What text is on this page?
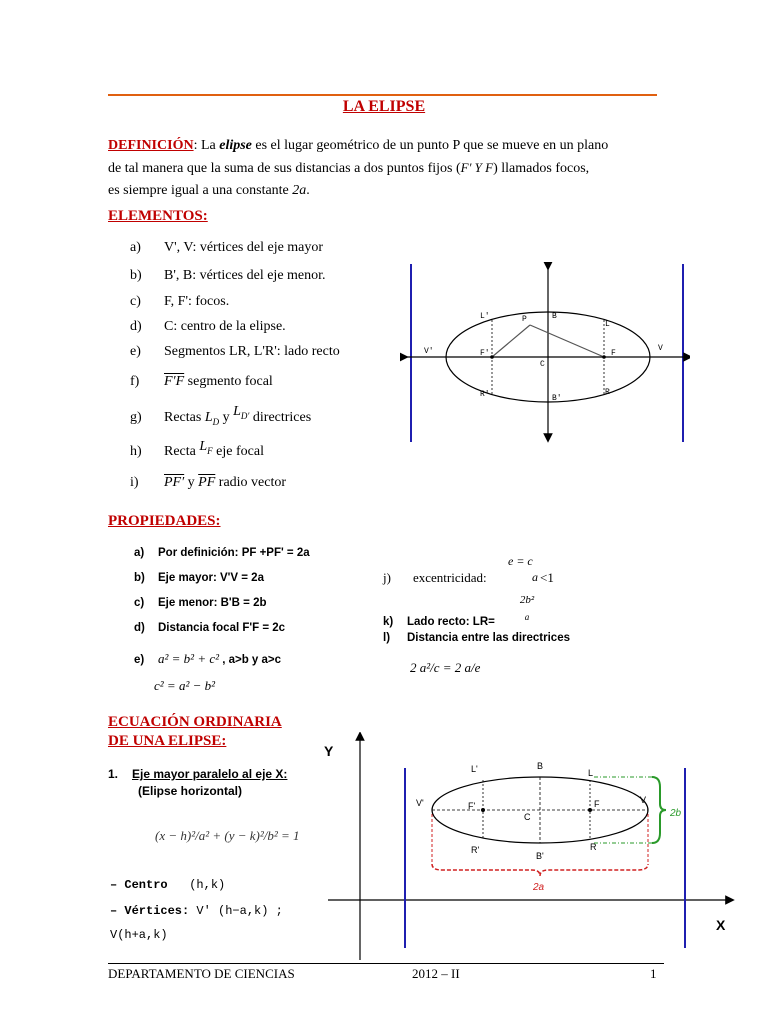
LA ELIPSE
DEFINICIÓN: La elipse es el lugar geométrico de un punto P que se mueve en un plano
de tal manera que la suma de sus distancias a dos puntos fijos (F′ Y F) llamados focos,
es siempre igual a una constante 2a.
ELEMENTOS:
a) V', V: vértices del eje mayor
b) B', B: vértices del eje menor.
c) F, F': focos.
d) C: centro de la elipse.
e) Segmentos LR, L'R': lado recto
f) F′F segmento focal
g) Rectas $L_D$ y $L_{D'}$ directrices
h) Recta $L_F$ eje focal
i) PF′ y $\overline{PF}$ radio vector
L'	P	B
L
V'	F'
C
F
V
R'	B'
R
PROPIEDADES:
a) Por definición: PF +PF' = 2a
b) Eje mayor: V'V = 2a
c) Eje menor: B'B = 2b
d) Distancia focal F'F = 2c
e) a² = b² + c² , a>b y a>c
c² = a² − b²
j) excentricidad:
e = c
a <1
2b²
a
k) Lado recto: LR=
l) Distancia entre las directrices
2 a²/c = 2 a/e
ECUACIÓN ORDINARIA
DE UNA ELIPSE:
1. Eje mayor paralelo al eje X:
(Elipse horizontal)
(x − h)²/a² + (y − k)²/b² = 1
– Centro (h,k)
– Vértices: V' (h−a,k) ;
V(h+a,k)
L'	B
L
V'	F'	F	V
C
R'
B'
R
Y
X
2b
2a
DEPARTAMENTO DE CIENCIAS	2012 – II	1
